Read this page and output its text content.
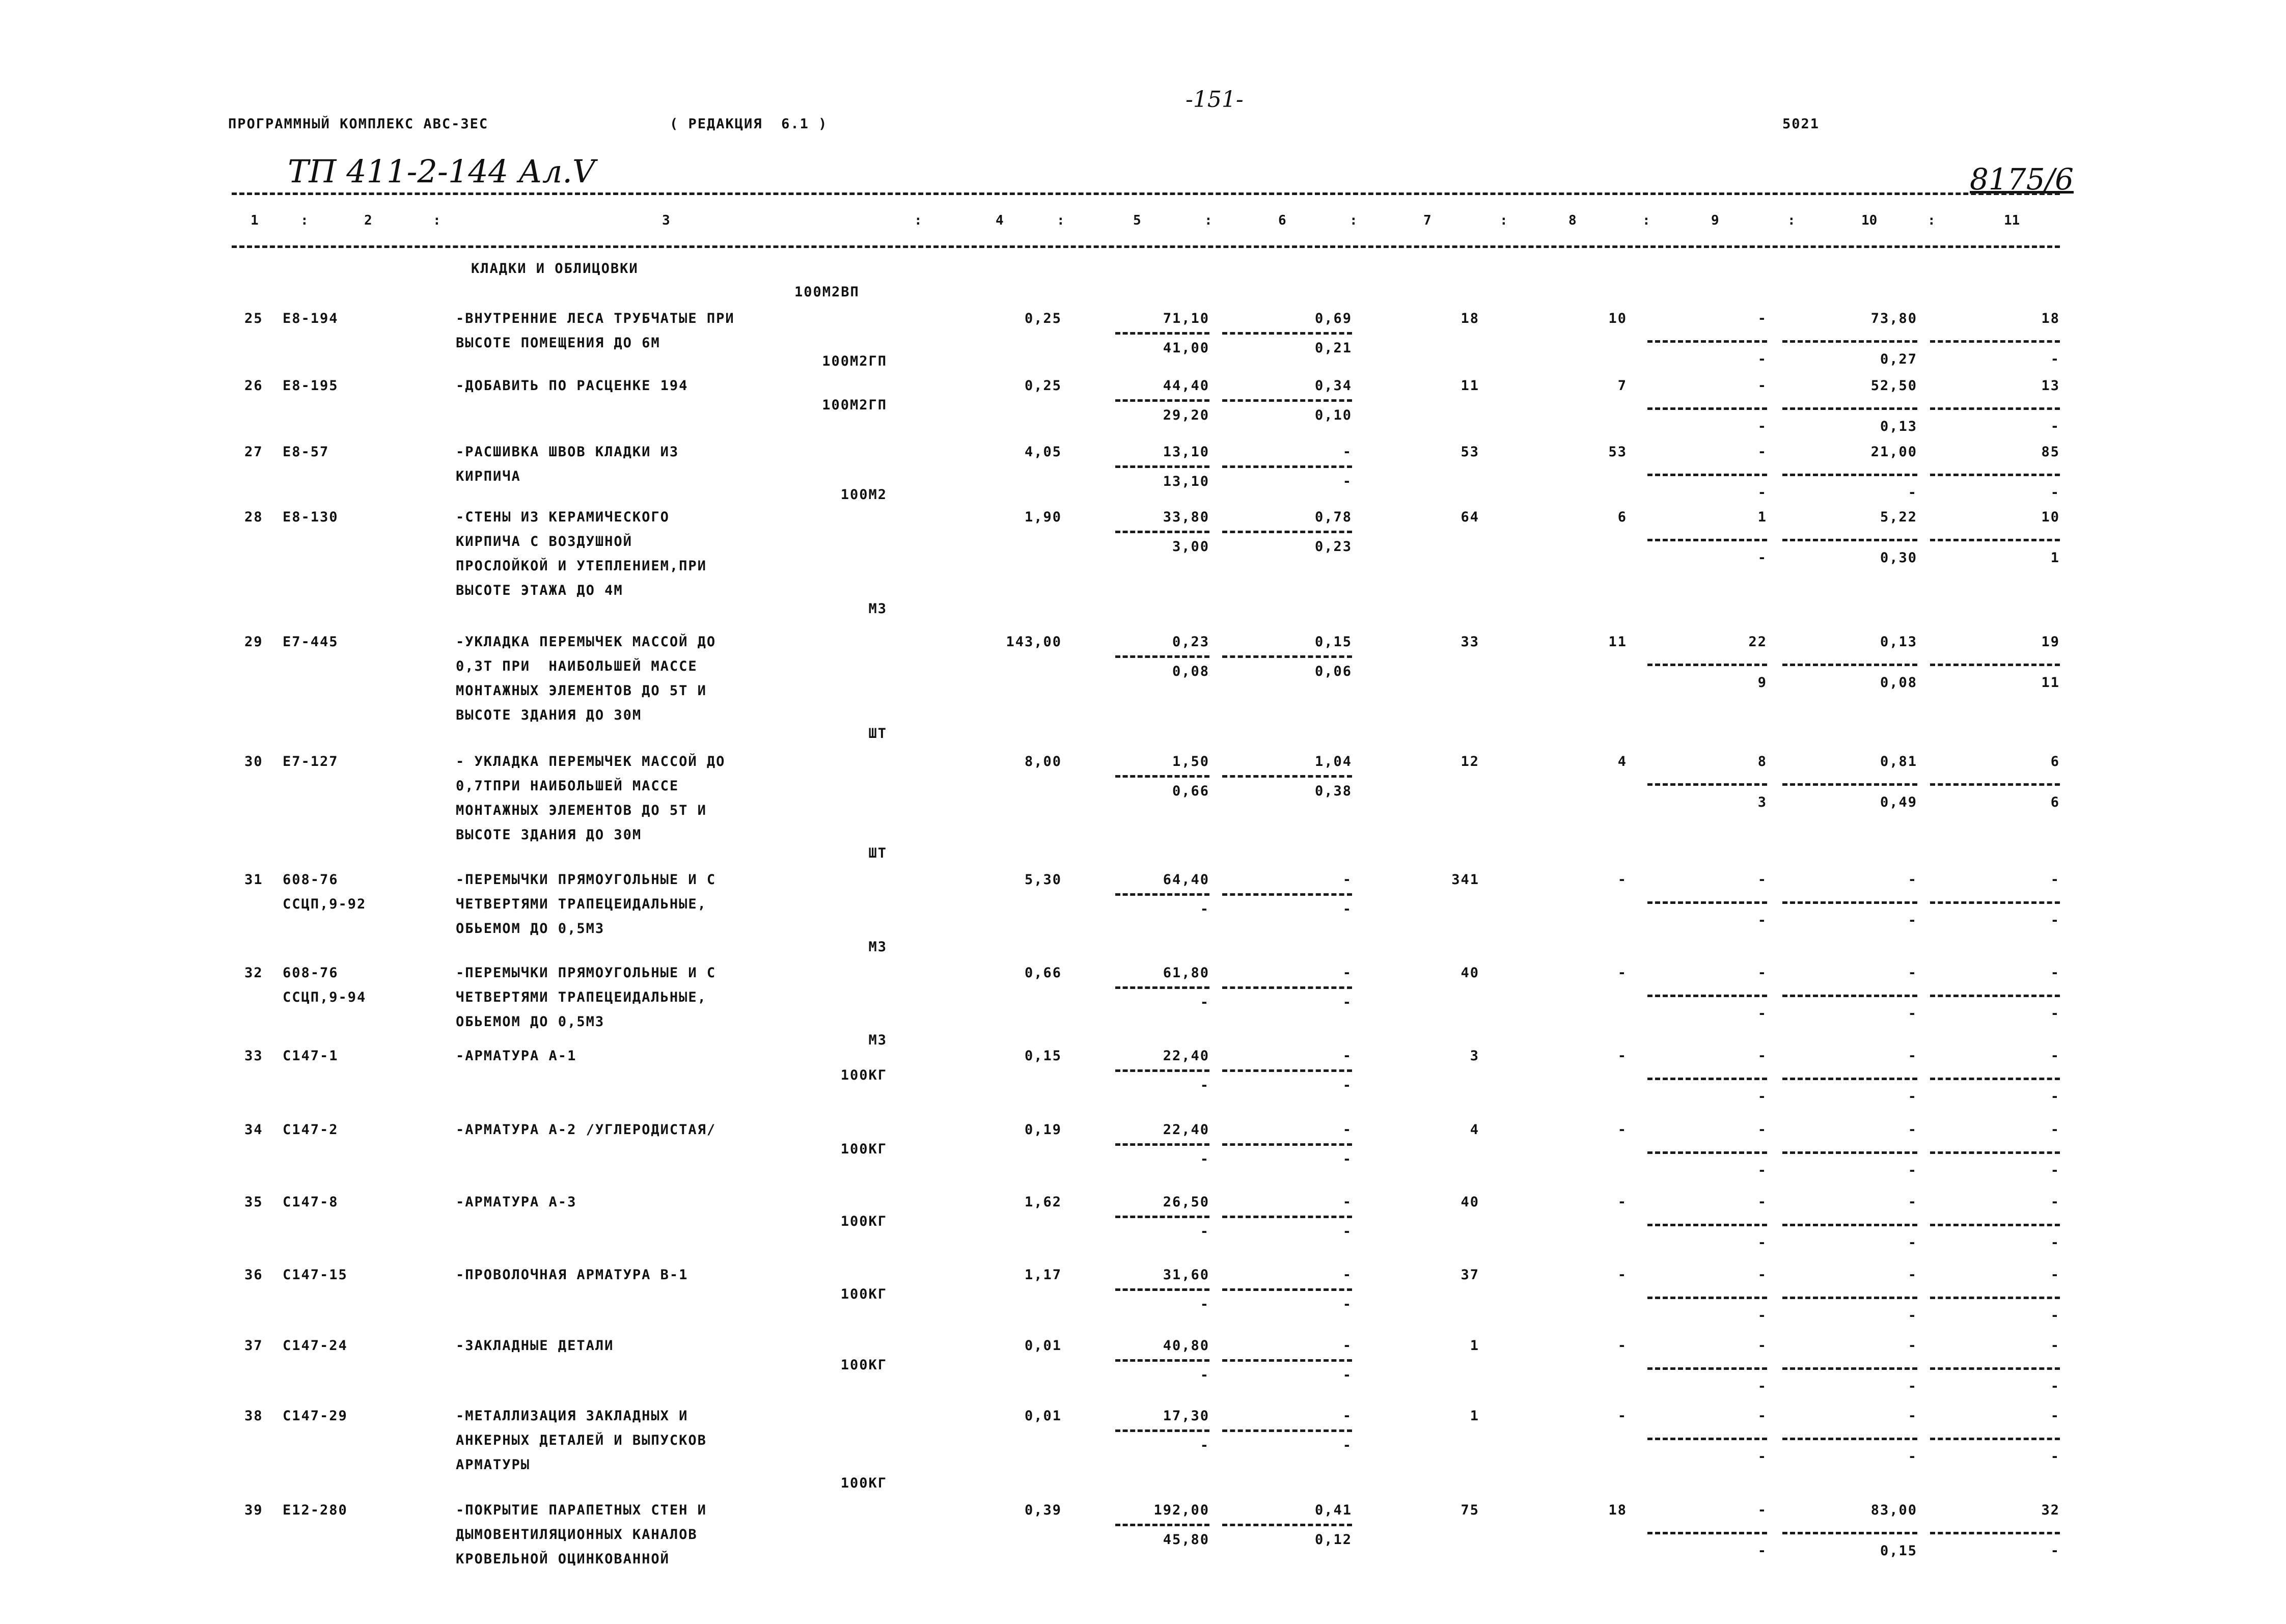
ПРОГРАММНЫЙ КОМПЛЕКС АВС-3ЕС	( РЕДАКЦИЯ  6.1 )
-151-
5021
ТП 411-2-144 Ал.V	8175/6
1	2	3	4	5	6	7	8	9	10	11
:	:	:	:	:	:	:	:	:	:
КЛАДКИ И ОБЛИЦОВКИ
100М2ВП
25 Е8-194	-ВНУТРЕННИЕ ЛЕСА ТРУБЧАТЫЕ ПРИ
ВЫСОТЕ ПОМЕЩЕНИЯ ДО 6М
100М2ГП
0,25	71,10	0,69	18	10	-	73,80	18
41,00	0,21
-	0,27	-
26 Е8-195	-ДОБАВИТЬ ПО РАСЦЕНКЕ 194
100М2ГП
0,25	44,40	0,34	11	7	-	52,50	13
29,20	0,10
-	0,13	-
27 Е8-57	-РАСШИВКА ШВОВ КЛАДКИ ИЗ
КИРПИЧА
100М2
4,05	13,10	-	53	53	-	21,00	85
13,10	-
-	-	-
28 Е8-130	-СТЕНЫ ИЗ КЕРАМИЧЕСКОГО
КИРПИЧА С ВОЗДУШНОЙ
ПРОСЛОЙКОЙ И УТЕПЛЕНИЕМ,ПРИ
ВЫСОТЕ ЭТАЖА ДО 4М
М3
1,90	33,80	0,78	64	6	1	5,22	10
3,00	0,23
-	0,30	1
29 Е7-445	-УКЛАДКА ПЕРЕМЫЧЕК МАССОЙ ДО
0,3Т ПРИ  НАИБОЛЬШЕЙ МАССЕ
МОНТАЖНЫХ ЭЛЕМЕНТОВ ДО 5Т И
ВЫСОТЕ ЗДАНИЯ ДО 30М
ШТ
143,00	0,23	0,15	33	11	22	0,13	19
0,08	0,06
9	0,08	11
30 Е7-127	- УКЛАДКА ПЕРЕМЫЧЕК МАССОЙ ДО
0,7ТПРИ НАИБОЛЬШЕЙ МАССЕ
МОНТАЖНЫХ ЭЛЕМЕНТОВ ДО 5Т И
ВЫСОТЕ ЗДАНИЯ ДО 30М
ШТ
8,00	1,50	1,04	12	4	8	0,81	6
0,66	0,38
3	0,49	6
31 608-76
ССЦП,9-92
-ПЕРЕМЫЧКИ ПРЯМОУГОЛЬНЫЕ И С
ЧЕТВЕРТЯМИ ТРАПЕЦЕИДАЛЬНЫЕ,
ОБЬЕМОМ ДО 0,5М3
М3
5,30	64,40	-	341	-	-	-	-
-	-
-	-	-
32 608-76
ССЦП,9-94
-ПЕРЕМЫЧКИ ПРЯМОУГОЛЬНЫЕ И С
ЧЕТВЕРТЯМИ ТРАПЕЦЕИДАЛЬНЫЕ,
ОБЬЕМОМ ДО 0,5М3
М3
0,66	61,80	-	40	-	-	-	-
-	-
-	-	-
33 С147-1	-АРМАТУРА А-1
100КГ
0,15	22,40	-	3	-	-	-	-
-	-
-	-	-
34 С147-2	-АРМАТУРА А-2 /УГЛЕРОДИСТАЯ/
100КГ
0,19	22,40	-	4	-	-	-	-
-	-
-	-	-
35 С147-8	-АРМАТУРА А-3
100КГ
1,62	26,50	-	40	-	-	-	-
-	-
-	-	-
36 С147-15	-ПРОВОЛОЧНАЯ АРМАТУРА В-1
100КГ
1,17	31,60	-	37	-	-	-	-
-	-
-	-	-
37 С147-24	-ЗАКЛАДНЫЕ ДЕТАЛИ
100КГ
0,01	40,80	-	1	-	-	-	-
-	-
-	-	-
38 С147-29	-МЕТАЛЛИЗАЦИЯ ЗАКЛАДНЫХ И
АНКЕРНЫХ ДЕТАЛЕЙ И ВЫПУСКОВ
АРМАТУРЫ
100КГ
0,01	17,30	-	1	-	-	-	-
-	-
-	-	-
39 Е12-280	-ПОКРЫТИЕ ПАРАПЕТНЫХ СТЕН И
ДЫМОВЕНТИЛЯЦИОННЫХ КАНАЛОВ
КРОВЕЛЬНОЙ ОЦИНКОВАННОЙ
0,39	192,00	0,41	75	18	-	83,00	32
45,80	0,12
-	0,15	-
